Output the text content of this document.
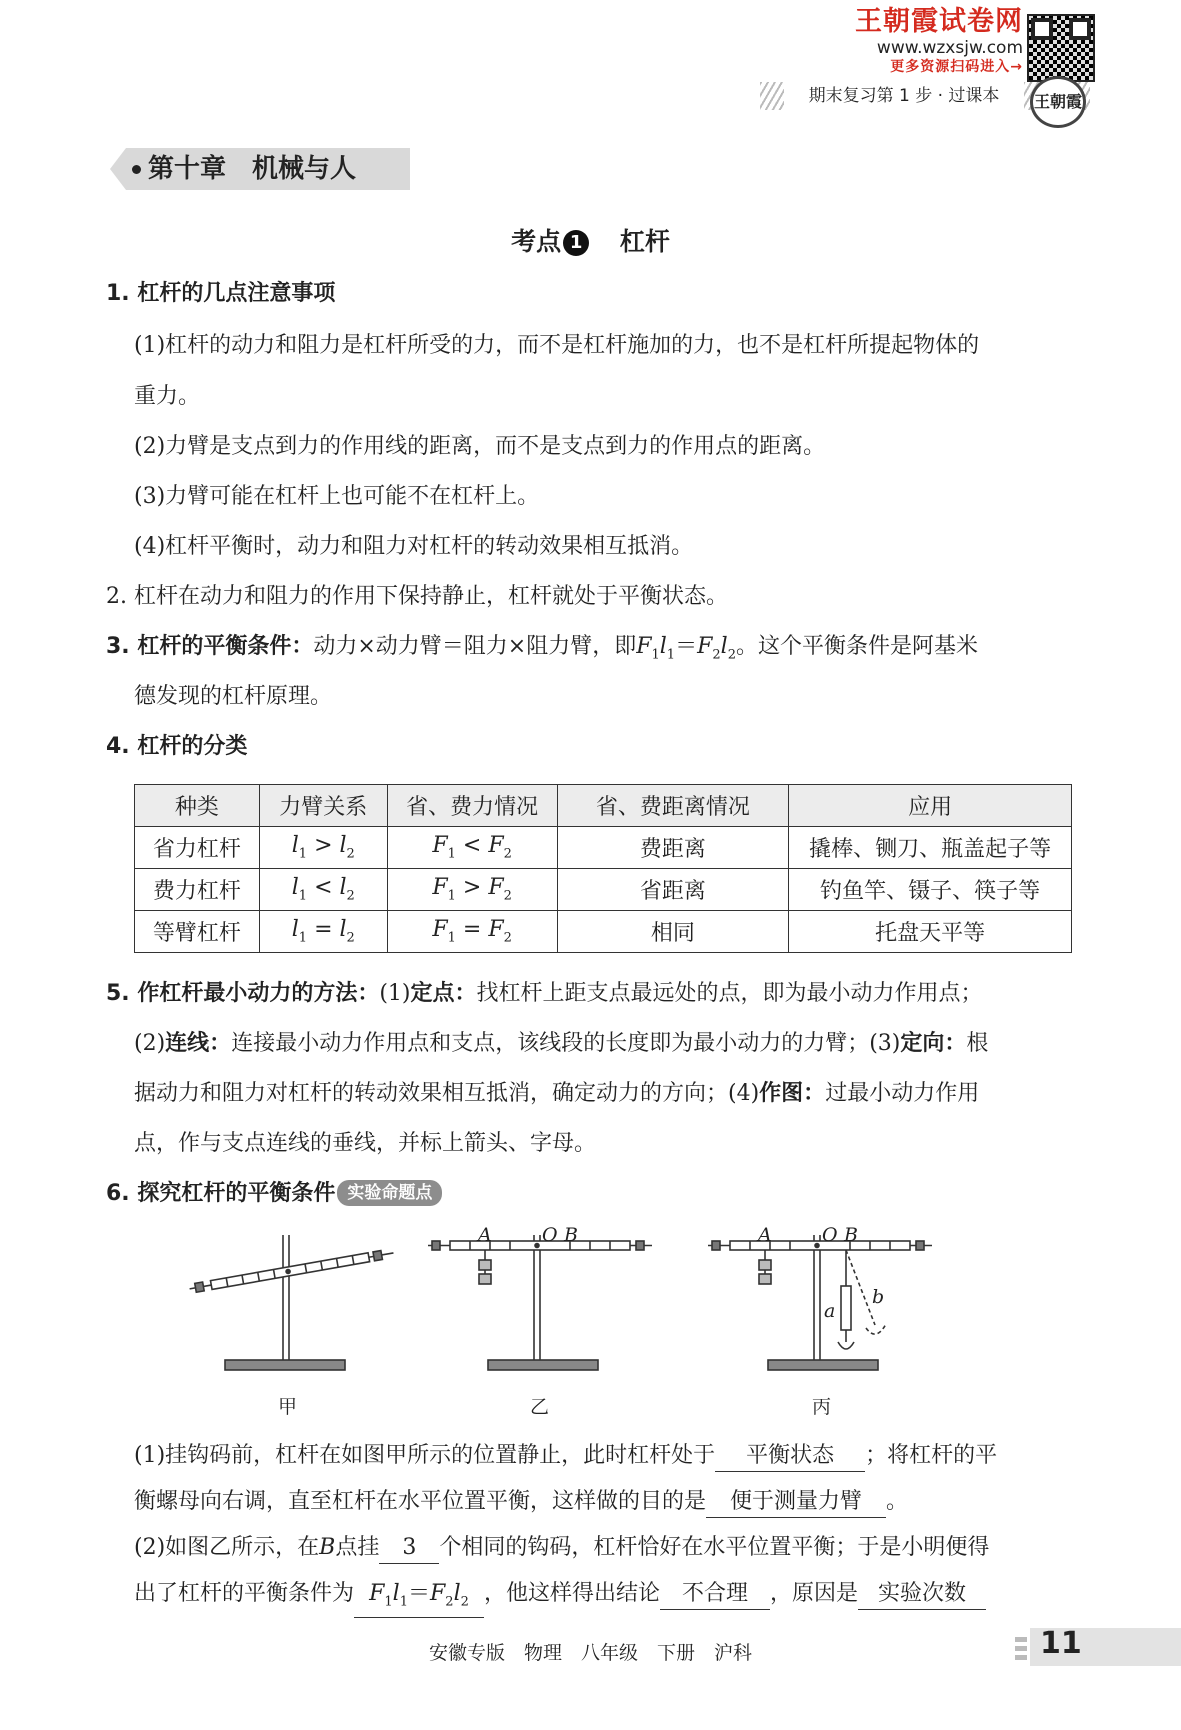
王朝霞试卷网
www.wzxsjw.com
更多资源扫码进入→
期末复习第 1 步 · 过课本	王朝霞
第十章　机械与人
考点 1 杠杆
1. 杠杆的几点注意事项
(1)杠杆的动力和阻力是杠杆所受的力，而不是杠杆施加的力，也不是杠杆所提起物体的
重力。
(2)力臂是支点到力的作用线的距离，而不是支点到力的作用点的距离。
(3)力臂可能在杠杆上也可能不在杠杆上。
(4)杠杆平衡时，动力和阻力对杠杆的转动效果相互抵消。
2. 杠杆在动力和阻力的作用下保持静止，杠杆就处于平衡状态。
3. 杠杆的平衡条件：动力×动力臂＝阻力×阻力臂，即$F_1l_1=F_2l_2$。这个平衡条件是阿基米
德发现的杠杆原理。
4. 杠杆的分类
种类	力臂关系	省、费力情况	省、费距离情况	应用
省力杠杆	$l_1 > l_2$	$F_1 < F_2$	费距离	撬棒、铡刀、瓶盖起子等
费力杠杆	$l_1 < l_2$	$F_1 > F_2$	省距离	钓鱼竿、镊子、筷子等
等臂杠杆	$l_1 = l_2$	$F_1 = F_2$	相同	托盘天平等
5. 作杠杆最小动力的方法：(1)定点：找杠杆上距支点最远处的点，即为最小动力作用点；
(2)连线：连接最小动力作用点和支点，该线段的长度即为最小动力的力臂；(3)定向：根
据动力和阻力对杠杆的转动效果相互抵消，确定动力的方向；(4)作图：过最小动力作用
点，作与支点连线的垂线，并标上箭头、字母。
6. 探究杠杆的平衡条件 实验命题点
A	O B	A	O B
a
b
甲	乙	丙
(1)挂钩码前，杠杆在如图甲所示的位置静止，此时杠杆处于 平衡状态 ；将杠杆的平
衡螺母向右调，直至杠杆在水平位置平衡，这样做的目的是 便于测量力臂 。
(2)如图乙所示，在B点挂 3 个相同的钩码，杠杆恰好在水平位置平衡；于是小明便得
出了杠杆的平衡条件为 $F_1l_1=F_2l_2$ ，他这样得出结论 不合理 ，原因是 实验次数
安徽专版　物理　八年级　下册　沪科	11
